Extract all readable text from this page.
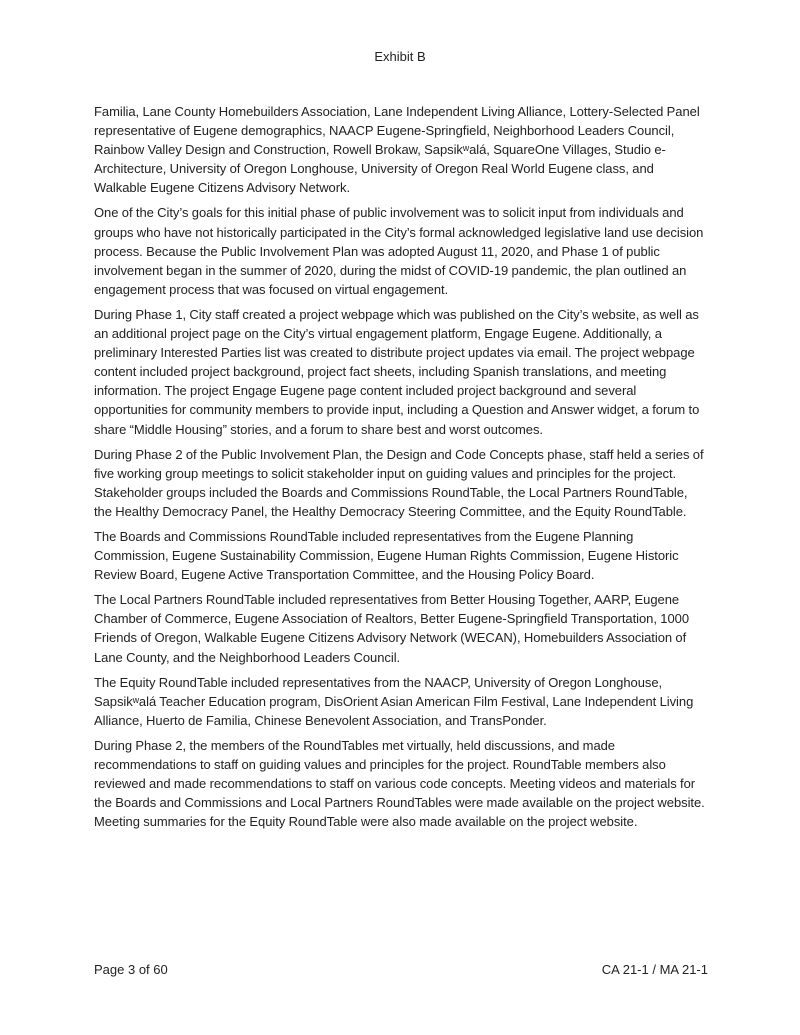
Exhibit B

Familia, Lane County Homebuilders Association, Lane Independent Living Alliance, Lottery-Selected Panel representative of Eugene demographics, NAACP Eugene-Springfield, Neighborhood Leaders Council, Rainbow Valley Design and Construction, Rowell Brokaw, Sapsikʷalá, SquareOne Villages, Studio e-Architecture, University of Oregon Longhouse, University of Oregon Real World Eugene class, and Walkable Eugene Citizens Advisory Network.

One of the City’s goals for this initial phase of public involvement was to solicit input from individuals and groups who have not historically participated in the City’s formal acknowledged legislative land use decision process. Because the Public Involvement Plan was adopted August 11, 2020, and Phase 1 of public involvement began in the summer of 2020, during the midst of COVID-19 pandemic, the plan outlined an engagement process that was focused on virtual engagement.

During Phase 1, City staff created a project webpage which was published on the City’s website, as well as an additional project page on the City’s virtual engagement platform, Engage Eugene. Additionally, a preliminary Interested Parties list was created to distribute project updates via email. The project webpage content included project background, project fact sheets, including Spanish translations, and meeting information. The project Engage Eugene page content included project background and several opportunities for community members to provide input, including a Question and Answer widget, a forum to share “Middle Housing” stories, and a forum to share best and worst outcomes.

During Phase 2 of the Public Involvement Plan, the Design and Code Concepts phase, staff held a series of five working group meetings to solicit stakeholder input on guiding values and principles for the project. Stakeholder groups included the Boards and Commissions RoundTable, the Local Partners RoundTable, the Healthy Democracy Panel, the Healthy Democracy Steering Committee, and the Equity RoundTable.

The Boards and Commissions RoundTable included representatives from the Eugene Planning Commission, Eugene Sustainability Commission, Eugene Human Rights Commission, Eugene Historic Review Board, Eugene Active Transportation Committee, and the Housing Policy Board.

The Local Partners RoundTable included representatives from Better Housing Together, AARP, Eugene Chamber of Commerce, Eugene Association of Realtors, Better Eugene-Springfield Transportation, 1000 Friends of Oregon, Walkable Eugene Citizens Advisory Network (WECAN), Homebuilders Association of Lane County, and the Neighborhood Leaders Council.

The Equity RoundTable included representatives from the NAACP, University of Oregon Longhouse, Sapsikʷalá Teacher Education program, DisOrient Asian American Film Festival, Lane Independent Living Alliance, Huerto de Familia, Chinese Benevolent Association, and TransPonder.

During Phase 2, the members of the RoundTables met virtually, held discussions, and made recommendations to staff on guiding values and principles for the project. RoundTable members also reviewed and made recommendations to staff on various code concepts. Meeting videos and materials for the Boards and Commissions and Local Partners RoundTables were made available on the project website. Meeting summaries for the Equity RoundTable were also made available on the project website.

Page 3 of 60	CA 21-1 / MA 21-1
